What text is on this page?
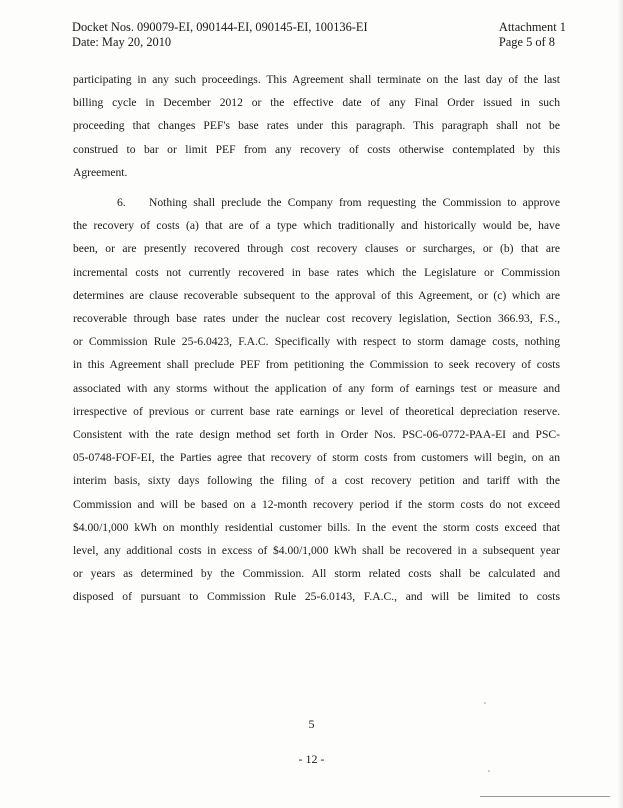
Docket Nos. 090079-EI, 090144-EI, 090145-EI, 100136-EI
Date: May 20, 2010
Attachment 1
Page 5 of 8
participating in any such proceedings. This Agreement shall terminate on the last day of the last
billing cycle in December 2012 or the effective date of any Final Order issued in such
proceeding that changes PEF's base rates under this paragraph. This paragraph shall not be
construed to bar or limit PEF from any recovery of costs otherwise contemplated by this
Agreement.
6. Nothing shall preclude the Company from requesting the Commission to approve
the recovery of costs (a) that are of a type which traditionally and historically would be, have
been, or are presently recovered through cost recovery clauses or surcharges, or (b) that are
incremental costs not currently recovered in base rates which the Legislature or Commission
determines are clause recoverable subsequent to the approval of this Agreement, or (c) which are
recoverable through base rates under the nuclear cost recovery legislation, Section 366.93, F.S.,
or Commission Rule 25-6.0423, F.A.C. Specifically with respect to storm damage costs, nothing
in this Agreement shall preclude PEF from petitioning the Commission to seek recovery of costs
associated with any storms without the application of any form of earnings test or measure and
irrespective of previous or current base rate earnings or level of theoretical depreciation reserve.
Consistent with the rate design method set forth in Order Nos. PSC-06-0772-PAA-EI and PSC-
05-0748-FOF-EI, the Parties agree that recovery of storm costs from customers will begin, on an
interim basis, sixty days following the filing of a cost recovery petition and tariff with the
Commission and will be based on a 12-month recovery period if the storm costs do not exceed
$4.00/1,000 kWh on monthly residential customer bills. In the event the storm costs exceed that
level, any additional costs in excess of $4.00/1,000 kWh shall be recovered in a subsequent year
or years as determined by the Commission. All storm related costs shall be calculated and
disposed of pursuant to Commission Rule 25-6.0143, F.A.C., and will be limited to costs
5
- 12 -
